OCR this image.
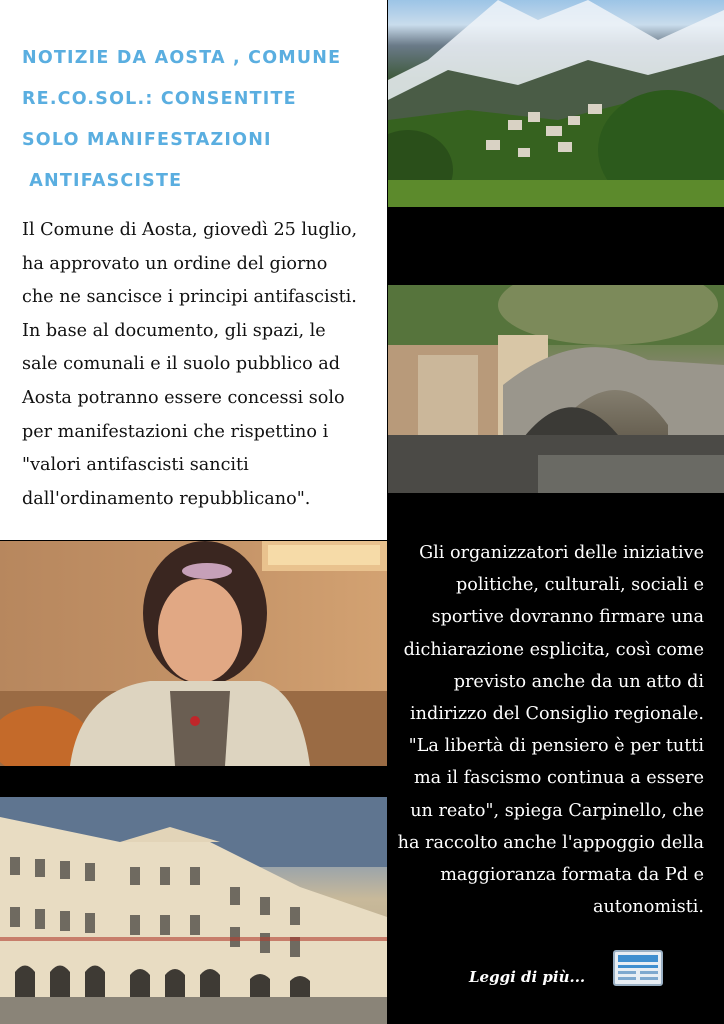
NOTIZIE DA AOSTA , COMUNE
RE.CO.SOL.: CONSENTITE
SOLO MANIFESTAZIONI
ANTIFASCISTE

Il Comune di Aosta, giovedì 25 luglio,
ha approvato un ordine del giorno
che ne sancisce i principi antifascisti.
In base al documento, gli spazi, le
sale comunali e il suolo pubblico ad
Aosta potranno essere concessi solo
per manifestazioni che rispettino i
"valori antifascisti sanciti
dall'ordinamento repubblicano".

Gli organizzatori delle iniziative
politiche, culturali, sociali e
sportive dovranno firmare una
dichiarazione esplicita, così come
previsto anche da un atto di
indirizzo del Consiglio regionale.
"La libertà di pensiero è per tutti
ma il fascismo continua a essere
un reato", spiega Carpinello, che
ha raccolto anche l'appoggio della
maggioranza formata da Pd e
autonomisti.

Leggi di più...
